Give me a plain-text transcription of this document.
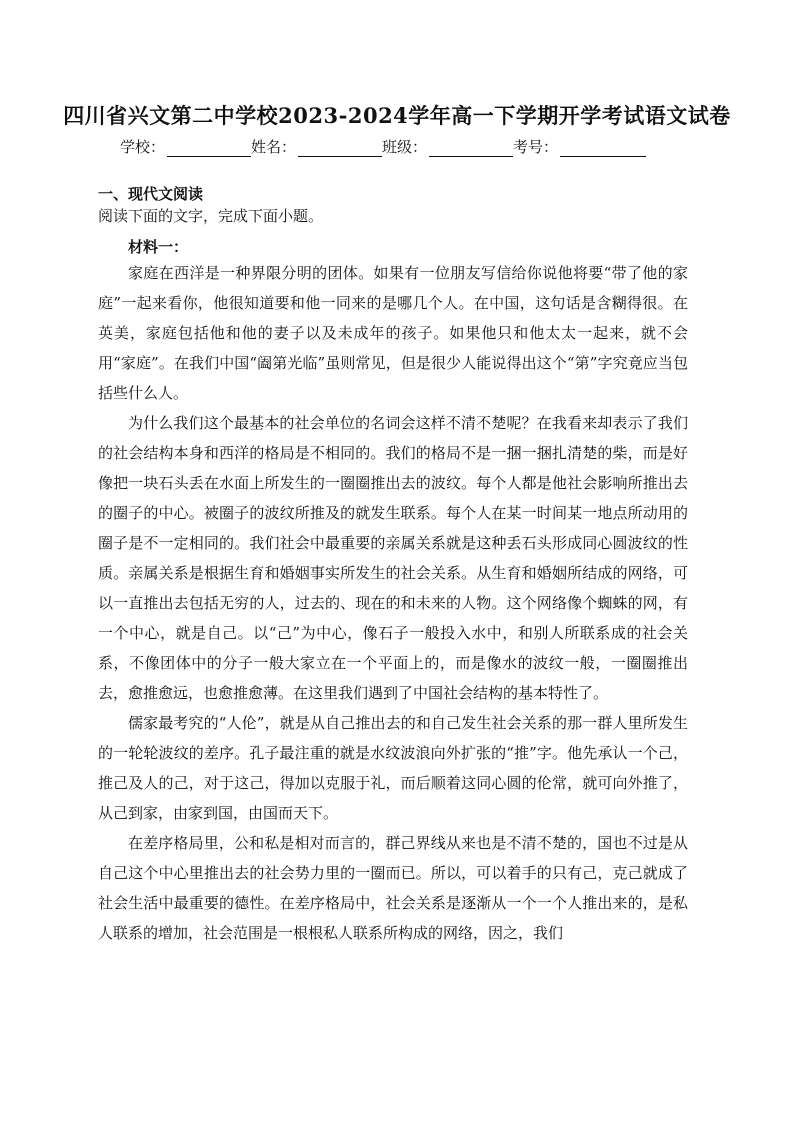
四川省兴文第二中学校2023-2024学年高一下学期开学考试语文试卷
学校：	姓名：	班级：	考号：
一、现代文阅读

阅读下面的文字，完成下面小题。

材料一：

家庭在西洋是一种界限分明的团体。如果有一位朋友写信给你说他将要“带了他的家庭”一起来看你，他很知道要和他一同来的是哪几个人。在中国，这句话是含糊得很。在英美，家庭包括他和他的妻子以及未成年的孩子。如果他只和他太太一起来，就不会用“家庭”。在我们中国“阖第光临”虽则常见，但是很少人能说得出这个“第”字究竟应当包括些什么人。

为什么我们这个最基本的社会单位的名词会这样不清不楚呢？在我看来却表示了我们的社会结构本身和西洋的格局是不相同的。我们的格局不是一捆一捆扎清楚的柴，而是好像把一块石头丢在水面上所发生的一圈圈推出去的波纹。每个人都是他社会影响所推出去的圈子的中心。被圈子的波纹所推及的就发生联系。每个人在某一时间某一地点所动用的圈子是不一定相同的。我们社会中最重要的亲属关系就是这种丢石头形成同心圆波纹的性质。亲属关系是根据生育和婚姻事实所发生的社会关系。从生育和婚姻所结成的网络，可以一直推出去包括无穷的人，过去的、现在的和未来的人物。这个网络像个蜘蛛的网，有一个中心，就是自己。以“己”为中心，像石子一般投入水中，和别人所联系成的社会关系，不像团体中的分子一般大家立在一个平面上的，而是像水的波纹一般，一圈圈推出去，愈推愈远，也愈推愈薄。在这里我们遇到了中国社会结构的基本特性了。

儒家最考究的“人伦”，就是从自己推出去的和自己发生社会关系的那一群人里所发生的一轮轮波纹的差序。孔子最注重的就是水纹波浪向外扩张的“推”字。他先承认一个己，推己及人的己，对于这己，得加以克服于礼，而后顺着这同心圆的伦常，就可向外推了，从己到家，由家到国，由国而天下。

在差序格局里，公和私是相对而言的，群己界线从来也是不清不楚的，国也不过是从自己这个中心里推出去的社会势力里的一圈而已。所以，可以着手的只有己，克己就成了社会生活中最重要的德性。在差序格局中，社会关系是逐渐从一个一个人推出来的，是私人联系的增加，社会范围是一根根私人联系所构成的网络，因之，我们
